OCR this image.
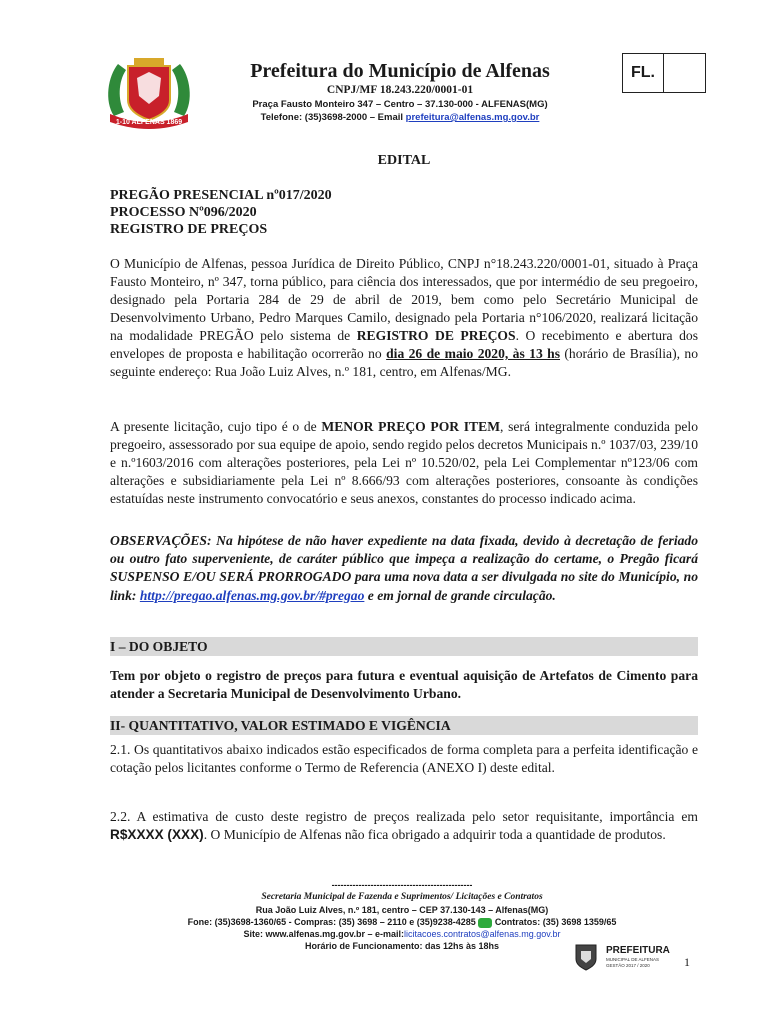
1-10 ALFENAS 1869
Prefeitura do Município de Alfenas
CNPJ/MF 18.243.220/0001-01
Praça Fausto Monteiro 347 – Centro – 37.130-000 - ALFENAS(MG)
Telefone: (35)3698-2000 – Email prefeitura@alfenas.mg.gov.br
FL.
EDITAL
PREGÃO PRESENCIAL nº017/2020
PROCESSO Nº096/2020
REGISTRO DE PREÇOS
O Município de Alfenas, pessoa Jurídica de Direito Público, CNPJ n°18.243.220/0001-01, situado à Praça Fausto Monteiro, nº 347, torna público, para ciência dos interessados, que por intermédio de seu pregoeiro, designado pela Portaria 284 de 29 de abril de 2019, bem como pelo Secretário Municipal de Desenvolvimento Urbano, Pedro Marques Camilo, designado pela Portaria n°106/2020, realizará licitação na modalidade PREGÃO pelo sistema de REGISTRO DE PREÇOS. O recebimento e abertura dos envelopes de proposta e habilitação ocorrerão no dia 26 de maio 2020, às 13 hs (horário de Brasília), no seguinte endereço: Rua João Luiz Alves, n.º 181, centro, em Alfenas/MG.
A presente licitação, cujo tipo é o de MENOR PREÇO POR ITEM, será integralmente conduzida pelo pregoeiro, assessorado por sua equipe de apoio, sendo regido pelos decretos Municipais n.º 1037/03, 239/10 e n.º1603/2016 com alterações posteriores, pela Lei nº 10.520/02, pela Lei Complementar nº123/06 com alterações e subsidiariamente pela Lei nº 8.666/93 com alterações posteriores, consoante às condições estatuídas neste instrumento convocatório e seus anexos, constantes do processo indicado acima.
OBSERVAÇÕES: Na hipótese de não haver expediente na data fixada, devido à decretação de feriado ou outro fato superveniente, de caráter público que impeça a realização do certame, o Pregão ficará SUSPENSO E/OU SERÁ PRORROGADO para uma nova data a ser divulgada no site do Município, no link: http://pregao.alfenas.mg.gov.br/#pregao e em jornal de grande circulação.
I – DO OBJETO
Tem por objeto o registro de preços para futura e eventual aquisição de Artefatos de Cimento para atender a Secretaria Municipal de Desenvolvimento Urbano.
II- QUANTITATIVO, VALOR ESTIMADO E VIGÊNCIA
2.1. Os quantitativos abaixo indicados estão especificados de forma completa para a perfeita identificação e cotação pelos licitantes conforme o Termo de Referencia (ANEXO I) deste edital.
2.2. A estimativa de custo deste registro de preços realizada pelo setor requisitante, importância em R$XXXX (XXX). O Município de Alfenas não fica obrigado a adquirir toda a quantidade de produtos.
-----------------------------------------------
Secretaria Municipal de Fazenda e Suprimentos/ Licitações e Contratos
Rua João Luiz Alves, n.º 181, centro – CEP 37.130-143 – Alfenas(MG)
Fone: (35)3698-1360/65 - Compras: (35) 3698 – 2110 e (35)9238-4285  Contratos: (35) 3698 1359/65
Site: www.alfenas.mg.gov.br – e-mail:licitacoes.contratos@alfenas.mg.gov.br
Horário de Funcionamento: das 12hs às 18hs	PREFEITURA
MUNICIPAL DE ALFENAS
GESTÃO 2017 / 2020	1
